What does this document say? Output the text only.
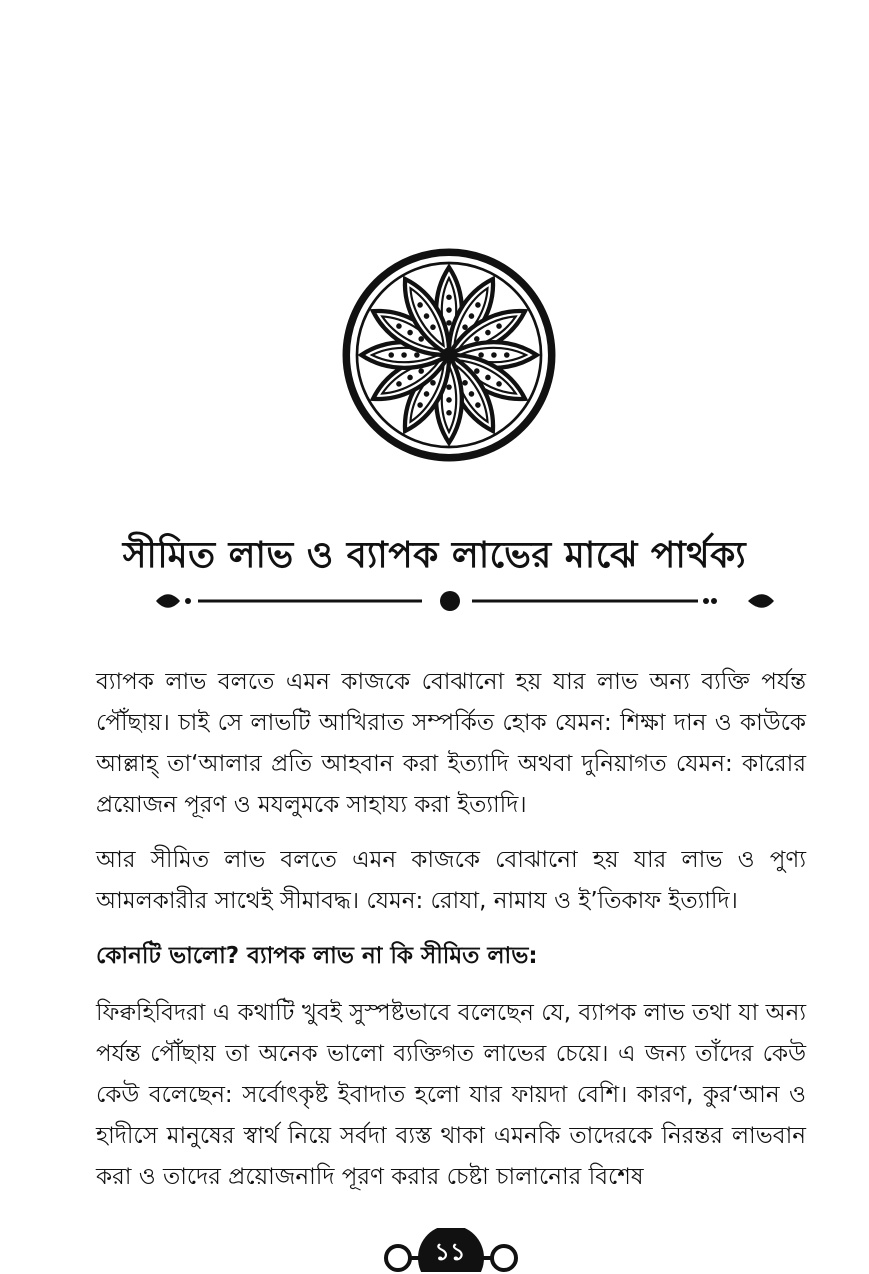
সীমিত লাভ ও ব্যাপক লাভের মাঝে পার্থক্য

ব্যাপক লাভ বলতে এমন কাজকে বোঝানো হয় যার লাভ অন্য ব্যক্তি পর্যন্ত পৌঁছায়। চাই সে লাভটি আখিরাত সম্পর্কিত হোক যেমন: শিক্ষা দান ও কাউকে আল্লাহ্ তা‘আলার প্রতি আহবান করা ইত্যাদি অথবা দুনিয়াগত যেমন: কারোর প্রয়োজন পূরণ ও মযলুমকে সাহায্য করা ইত্যাদি।

আর সীমিত লাভ বলতে এমন কাজকে বোঝানো হয় যার লাভ ও পুণ্য আমলকারীর সাথেই সীমাবদ্ধ। যেমন: রোযা, নামায ও ই’তিকাফ ইত্যাদি।

কোনটি ভালো? ব্যাপক লাভ না কি সীমিত লাভ:

ফিক্বহিবিদরা এ কথাটি খুবই সুস্পষ্টভাবে বলেছেন যে, ব্যাপক লাভ তথা যা অন্য পর্যন্ত পৌঁছায় তা অনেক ভালো ব্যক্তিগত লাভের চেয়ে। এ জন্য তাঁদের কেউ কেউ বলেছেন: সর্বোৎকৃষ্ট ইবাদাত হলো যার ফায়দা বেশি। কারণ, কুর‘আন ও হাদীসে মানুষের স্বার্থ নিয়ে সর্বদা ব্যস্ত থাকা এমনকি তাদেরকে নিরন্তর লাভবান করা ও তাদের প্রয়োজনাদি পূরণ করার চেষ্টা চালানোর বিশেষ

১১
